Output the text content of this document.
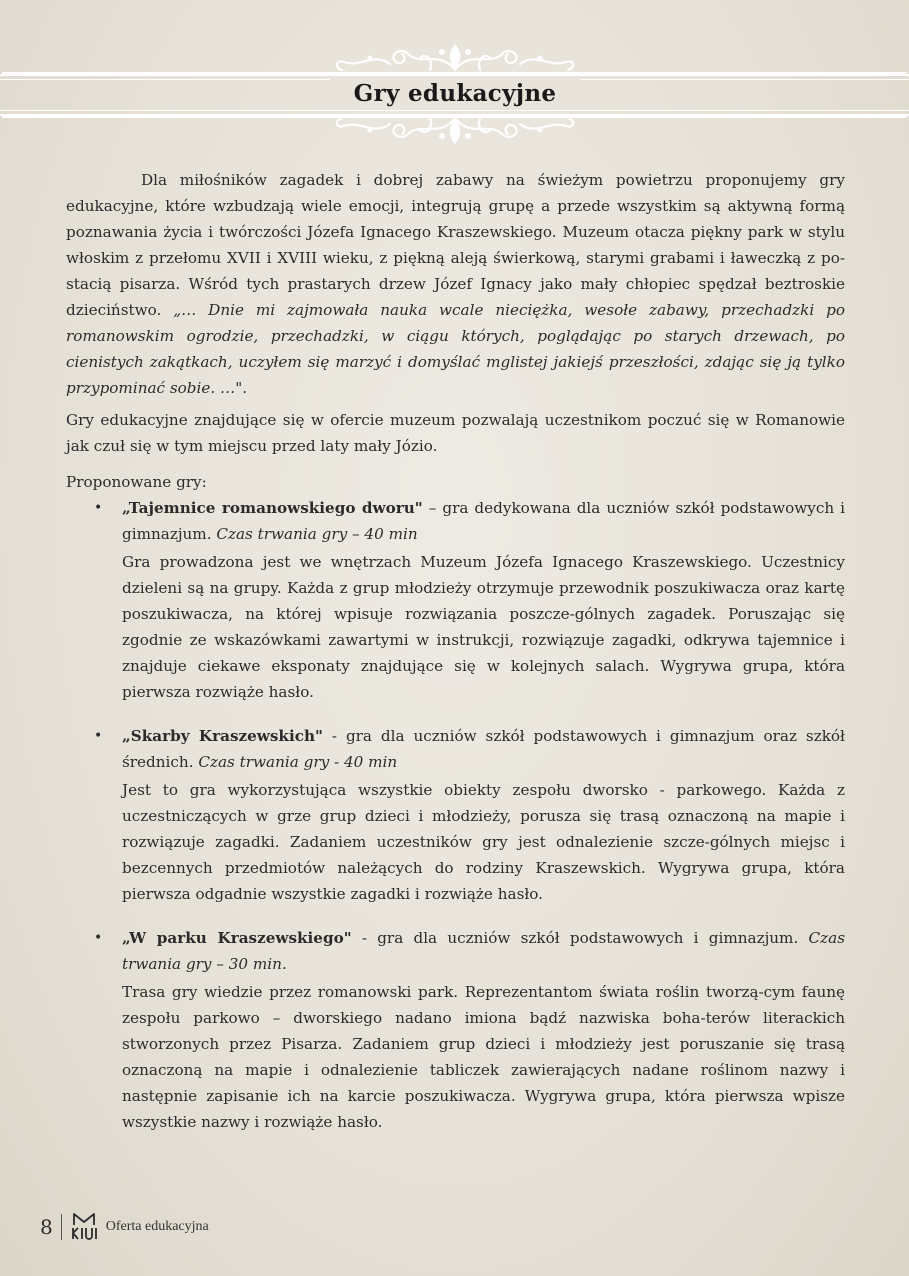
Gry edukacyjne

Dla miłośników zagadek i dobrej zabawy na świeżym powietrzu proponujemy gry edukacyjne, które wzbudzają wiele emocji, integrują grupę a przede wszystkim są aktywną formą poznawania życia i twórczości Józefa Ignacego Kraszewskiego. Muzeum otacza piękny park w stylu włoskim z przełomu XVII i XVIII wieku, z piękną aleją świerkową, starymi grabami i ławeczką z po-stacią pisarza. Wśród tych prastarych drzew Józef Ignacy jako mały chłopiec spędzał beztroskie dzieciństwo. „… Dnie mi zajmowała nauka wcale nieciężka, wesołe zabawy, przechadzki po romanowskim ogrodzie, przechadzki, w ciągu których, poglądając po starych drzewach, po cienistych zakątkach, uczyłem się marzyć i domyślać mglistej jakiejś przeszłości, zdając się ją tylko przypominać sobie. …".

Gry edukacyjne znajdujące się w ofercie muzeum pozwalają uczestnikom poczuć się w Romanowie jak czuł się w tym miejscu przed laty mały Józio.

Proponowane gry:

• „Tajemnice romanowskiego dworu" – gra dedykowana dla uczniów szkół podstawowych i gimnazjum. Czas trwania gry – 40 min

Gra prowadzona jest we wnętrzach Muzeum Józefa Ignacego Kraszewskiego. Uczestnicy dzieleni są na grupy. Każda z grup młodzieży otrzymuje przewodnik poszukiwacza oraz kartę poszukiwacza, na której wpisuje rozwiązania poszcze-gólnych zagadek. Poruszając się zgodnie ze wskazówkami zawartymi w instrukcji, rozwiązuje zagadki, odkrywa tajemnice i znajduje ciekawe eksponaty znajdujące się w kolejnych salach. Wygrywa grupa, która pierwsza rozwiąże hasło.

• „Skarby Kraszewskich" - gra dla uczniów szkół podstawowych i gimnazjum oraz szkół średnich. Czas trwania gry - 40 min

Jest to gra wykorzystująca wszystkie obiekty zespołu dworsko - parkowego. Każda z uczestniczących w grze grup dzieci i młodzieży, porusza się trasą oznaczoną na mapie i rozwiązuje zagadki. Zadaniem uczestników gry jest odnalezienie szcze-gólnych miejsc i bezcennych przedmiotów należących do rodziny Kraszewskich. Wygrywa grupa, która pierwsza odgadnie wszystkie zagadki i rozwiąże hasło.

• „W parku Kraszewskiego" - gra dla uczniów szkół podstawowych i gimnazjum. Czas trwania gry – 30 min.

Trasa gry wiedzie przez romanowski park. Reprezentantom świata roślin tworzą-cym faunę zespołu parkowo – dworskiego nadano imiona bądź nazwiska boha-terów literackich stworzonych przez Pisarza. Zadaniem grup dzieci i młodzieży jest poruszanie się trasą oznaczoną na mapie i odnalezienie tabliczek zawierających nadane roślinom nazwy i następnie zapisanie ich na karcie poszukiwacza. Wygrywa grupa, która pierwsza wpisze wszystkie nazwy i rozwiąże hasło.

8	Oferta edukacyjna
